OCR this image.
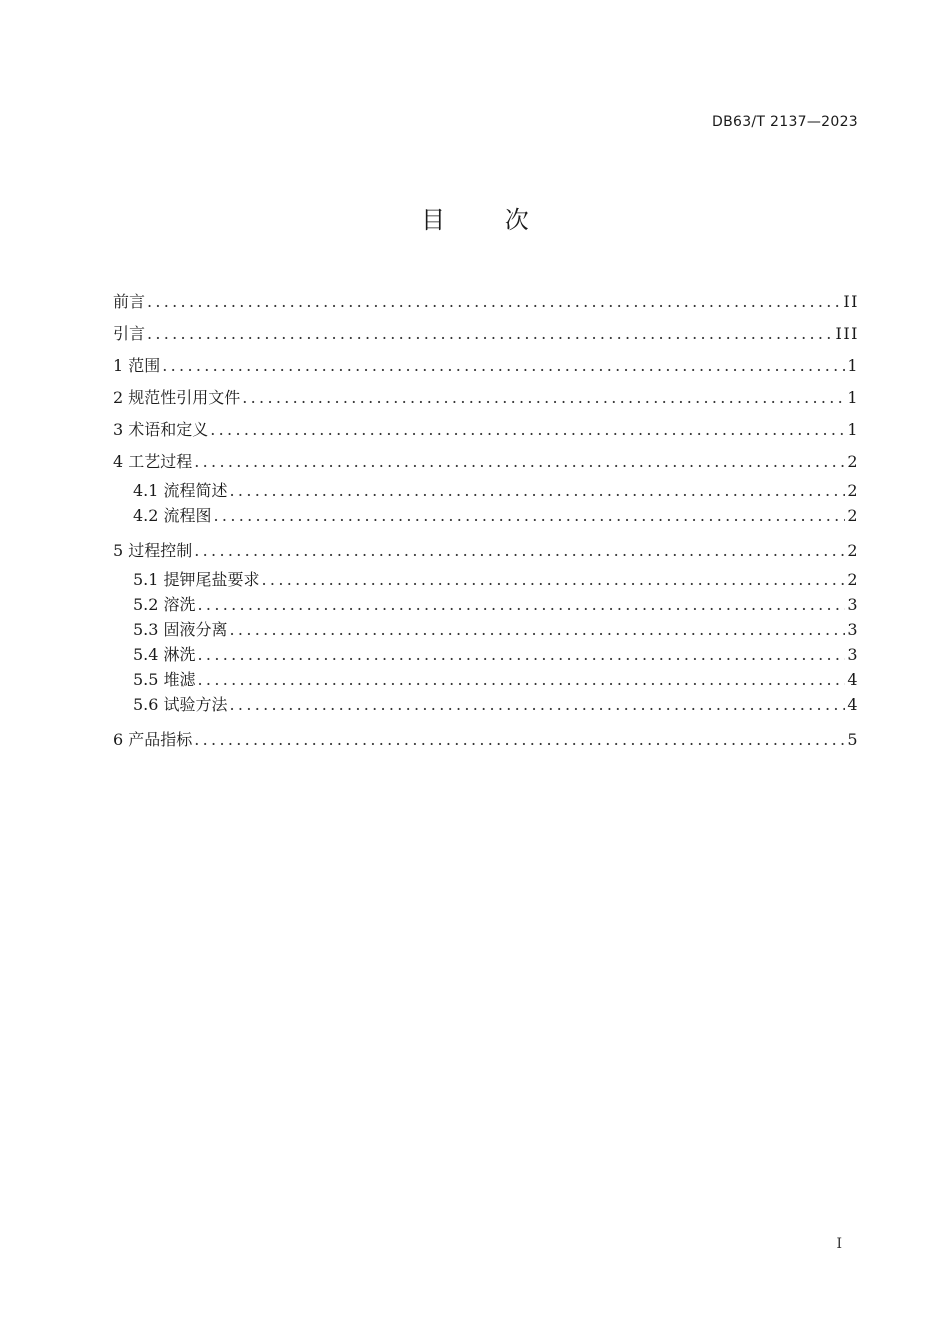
DB63/T 2137—2023
目 次
前言 .....	II
引言 .....	III
1 范围 .....	1
2 规范性引用文件 .....	1
3 术语和定义 .....	1
4 工艺过程 .....	2
4.1 流程简述 .....	2
4.2 流程图 .....	2
5 过程控制 .....	2
5.1 提钾尾盐要求 .....	2
5.2 溶洗 .....	3
5.3 固液分离 .....	3
5.4 淋洗 .....	3
5.5 堆滤 .....	4
5.6 试验方法 .....	4
6 产品指标 .....	5
I
